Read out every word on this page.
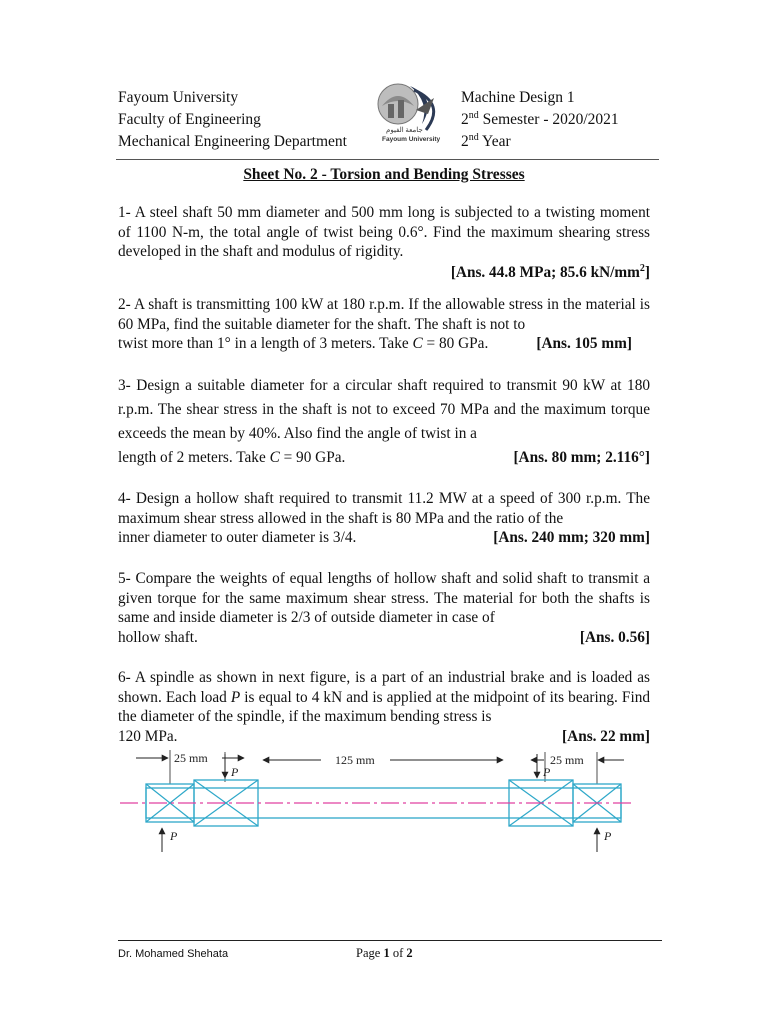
Fayoum University
Faculty of Engineering
Mechanical Engineering Department
جامعة الفيوم
Fayoum University
Machine Design 1
2nd Semester - 2020/2021
2nd Year
Sheet No. 2 - Torsion and Bending Stresses
1- A steel shaft 50 mm diameter and 500 mm long is subjected to a twisting moment of 1100 N-m, the total angle of twist being 0.6°. Find the maximum shearing stress developed in the shaft and modulus of rigidity.
[Ans. 44.8 MPa; 85.6 $kN/mm^2$]
2- A shaft is transmitting 100 kW at 180 r.p.m. If the allowable stress in the material is 60 MPa, find the suitable diameter for the shaft. The shaft is not to
twist more than 1° in a length of 3 meters. Take C = 80 GPa.	[Ans. 105 mm]
3- Design a suitable diameter for a circular shaft required to transmit 90 kW at 180 r.p.m. The shear stress in the shaft is not to exceed 70 MPa and the maximum torque exceeds the mean by 40%. Also find the angle of twist in a
length of 2 meters. Take C = 90 GPa.	[Ans. 80 mm; 2.116°]
4- Design a hollow shaft required to transmit 11.2 MW at a speed of 300 r.p.m. The maximum shear stress allowed in the shaft is 80 MPa and the ratio of the
inner diameter to outer diameter is 3/4.	[Ans. 240 mm; 320 mm]
5- Compare the weights of equal lengths of hollow shaft and solid shaft to transmit a given torque for the same maximum shear stress. The material for both the shafts is same and inside diameter is 2/3 of outside diameter in case of
hollow shaft.	[Ans. 0.56]
6- A spindle as shown in next figure, is a part of an industrial brake and is loaded as shown. Each load P is equal to 4 kN and is applied at the midpoint of its bearing. Find the diameter of the spindle, if the maximum bending stress is
120 MPa.	[Ans. 22 mm]
25 mm	125 mm	25 mm
P	P
P	P
Dr. Mohamed Shehata	Page 1 of 2
